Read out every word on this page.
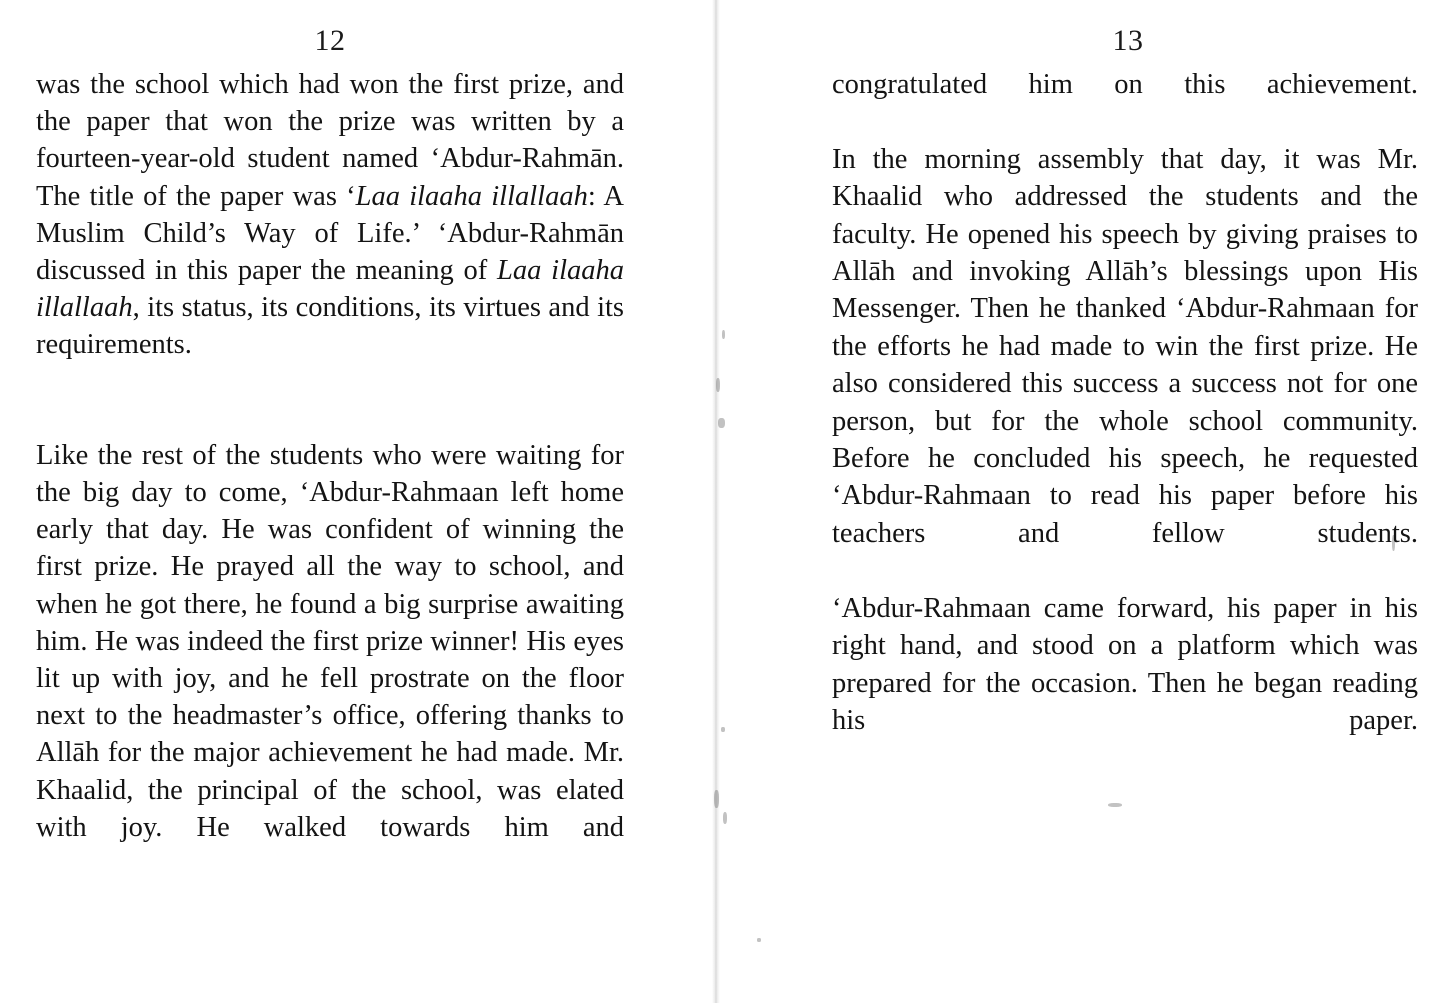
12

was the school which had won the first prize, and the paper that won the prize was written by a fourteen-year-old student named ‘Abdur-Rahmān. The title of the paper was ‘Laa ilaaha illallaah: A Muslim Child’s Way of Life.’ ‘Abdur-Rahmān discussed in this paper the meaning of Laa ilaaha illallaah, its status, its conditions, its virtues and its requirements.

Like the rest of the students who were waiting for the big day to come, ‘Abdur-Rahmaan left home early that day. He was confident of winning the first prize. He prayed all the way to school, and when he got there, he found a big surprise awaiting him. He was indeed the first prize winner! His eyes lit up with joy, and he fell prostrate on the floor next to the headmaster’s office, offering thanks to Allāh for the major achievement he had made. Mr. Khaalid, the principal of the school, was elated with joy. He walked towards him and

13

congratulated him on this achievement.

In the morning assembly that day, it was Mr. Khaalid who addressed the students and the faculty. He opened his speech by giving praises to Allāh and invoking Allāh’s blessings upon His Messenger. Then he thanked ‘Abdur-Rahmaan for the efforts he had made to win the first prize. He also considered this success a success not for one person, but for the whole school community. Before he concluded his speech, he requested ‘Abdur-Rahmaan to read his paper before his teachers and fellow students.

‘Abdur-Rahmaan came forward, his paper in his right hand, and stood on a platform which was prepared for the occasion. Then he began reading his paper.
